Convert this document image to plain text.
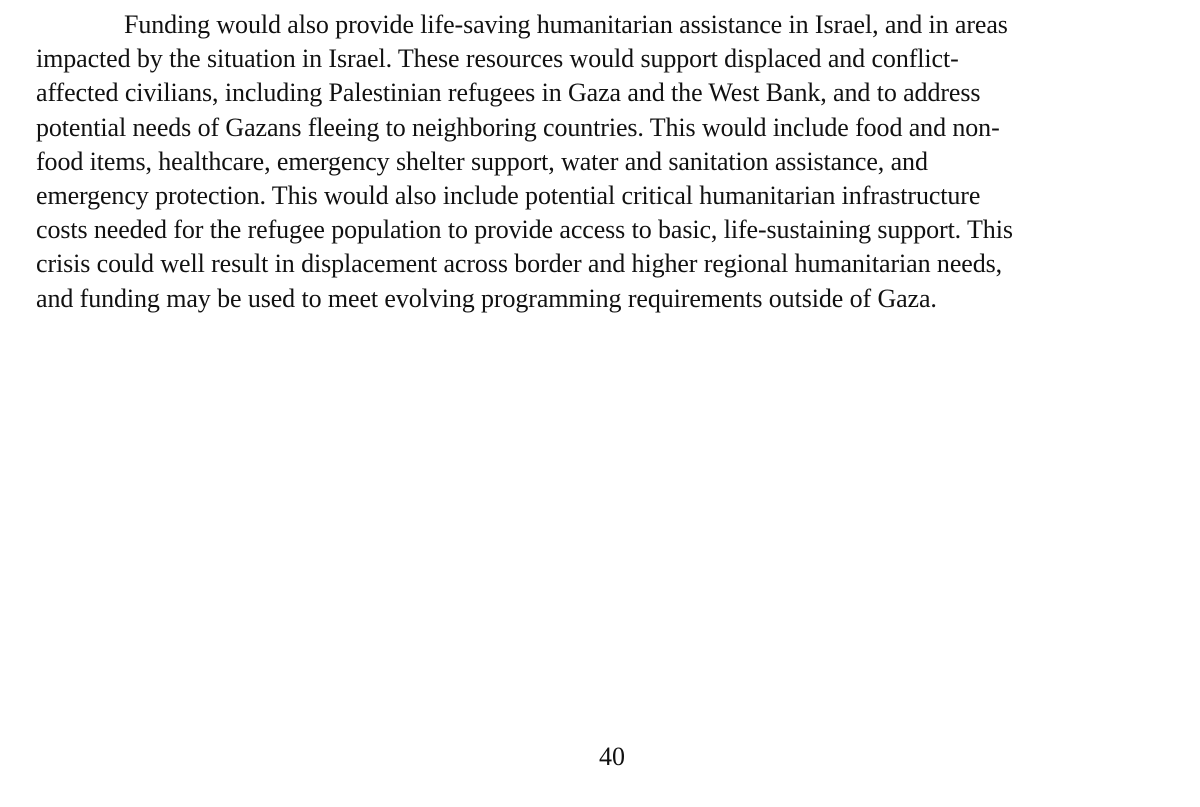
Funding would also provide life-saving humanitarian assistance in Israel, and in areas
impacted by the situation in Israel. These resources would support displaced and conflict-
affected civilians, including Palestinian refugees in Gaza and the West Bank, and to address
potential needs of Gazans fleeing to neighboring countries. This would include food and non-
food items, healthcare, emergency shelter support, water and sanitation assistance, and
emergency protection. This would also include potential critical humanitarian infrastructure
costs needed for the refugee population to provide access to basic, life-sustaining support. This
crisis could well result in displacement across border and higher regional humanitarian needs,
and funding may be used to meet evolving programming requirements outside of Gaza.
40
